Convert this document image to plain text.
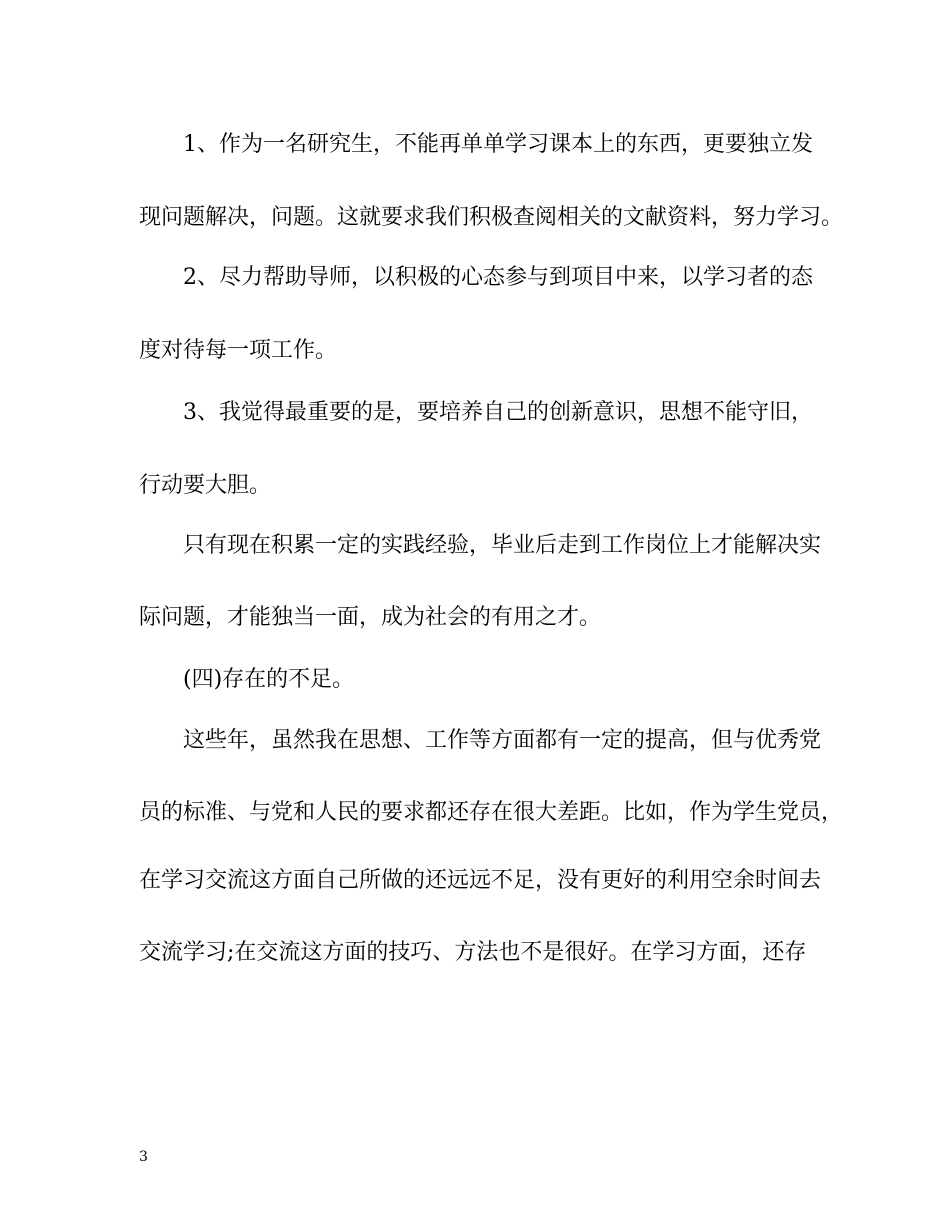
1、作为一名研究生，不能再单单学习课本上的东西，更要独立发
现问题解决，问题。这就要求我们积极查阅相关的文献资料，努力学习。
2、尽力帮助导师，以积极的心态参与到项目中来，以学习者的态
度对待每一项工作。
3、我觉得最重要的是，要培养自己的创新意识，思想不能守旧，
行动要大胆。
只有现在积累一定的实践经验，毕业后走到工作岗位上才能解决实
际问题，才能独当一面，成为社会的有用之才。
(四)存在的不足。
这些年，虽然我在思想、工作等方面都有一定的提高，但与优秀党
员的标准、与党和人民的要求都还存在很大差距。比如，作为学生党员，
在学习交流这方面自己所做的还远远不足，没有更好的利用空余时间去
交流学习;在交流这方面的技巧、方法也不是很好。在学习方面，还存
3
